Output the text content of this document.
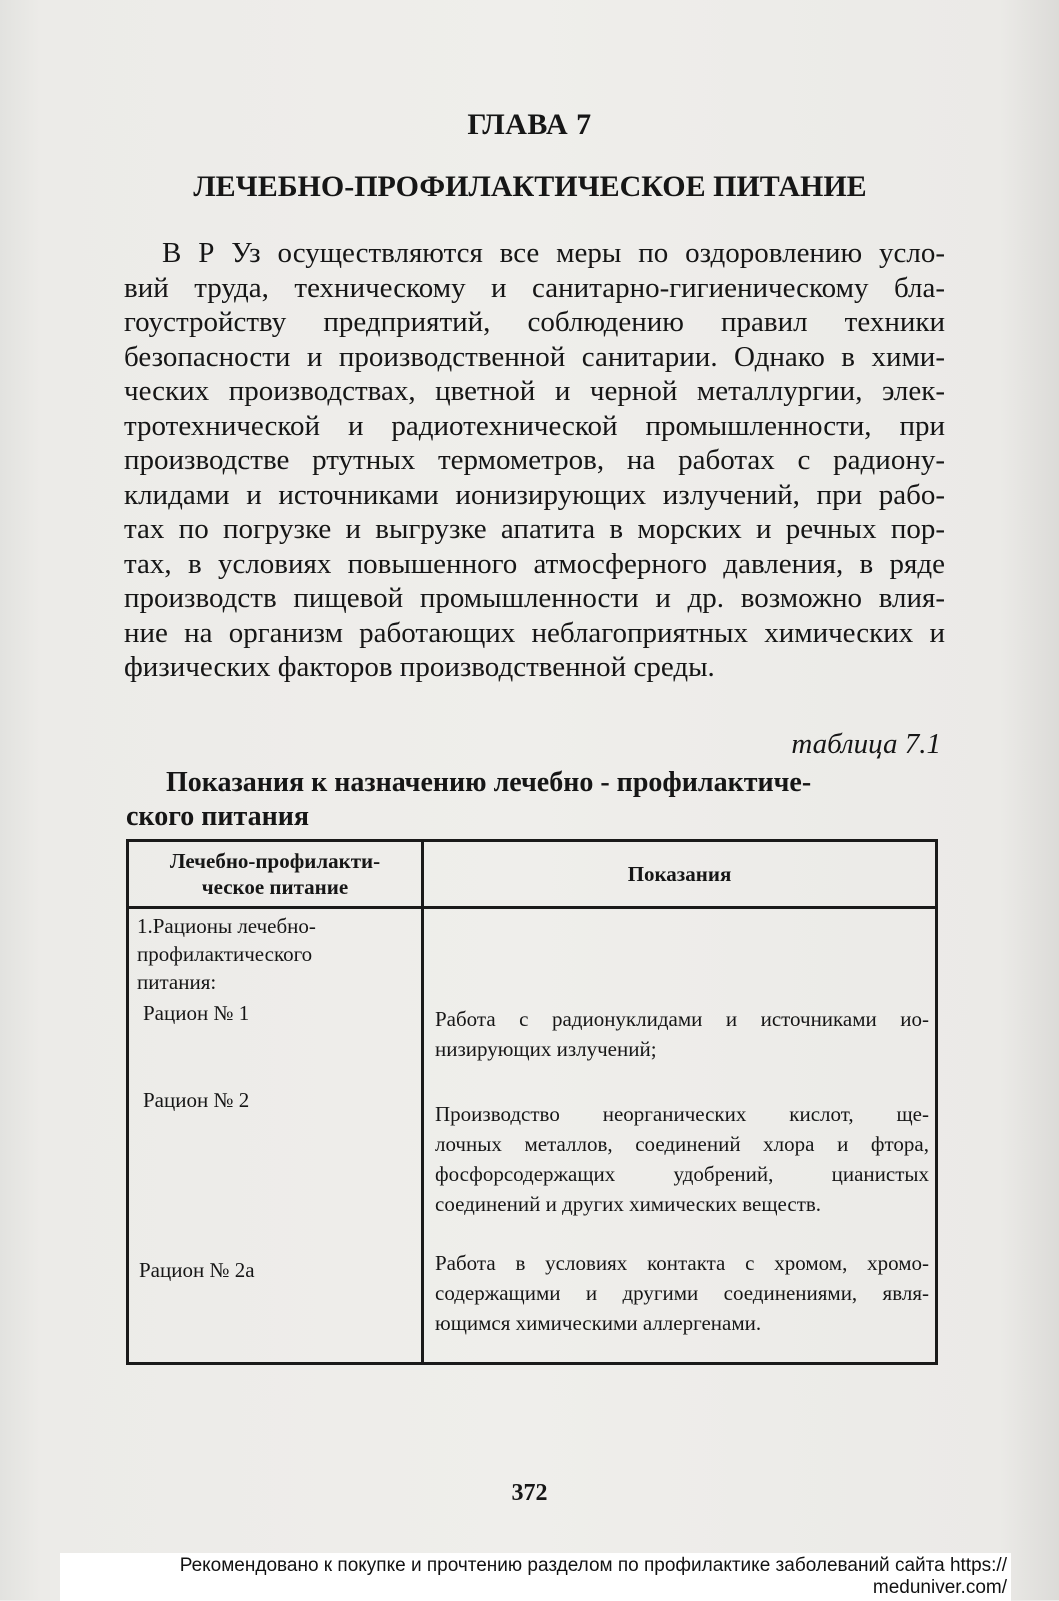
ГЛАВА 7
ЛЕЧЕБНО-ПРОФИЛАКТИЧЕСКОЕ ПИТАНИЕ
В Р Уз осуществляются все меры по оздоровлению усло-
вий труда, техническому и санитарно-гигиеническому бла-
гоустройству предприятий, соблюдению правил техники
безопасности и производственной санитарии. Однако в хими-
ческих производствах, цветной и черной металлургии, элек-
тротехнической и радиотехнической промышленности, при
производстве ртутных термометров, на работах с радиону-
клидами и источниками ионизирующих излучений, при рабо-
тах по погрузке и выгрузке апатита в морских и речных пор-
тах, в условиях повышенного атмосферного давления, в ряде
производств пищевой промышленности и др. возможно влия-
ние на организм работающих неблагоприятных химических и
физических факторов производственной среды.
таблица 7.1
Показания к назначению лечебно - профилактиче-
ского питания
Лечебно-профилакти-
ческое питание
Показания
1.Рационы лечебно-
профилактического
питания:
Рацион № 1
Рацион № 2
Рацион № 2а
Работа с радионуклидами и источниками ио-
низирующих излучений;
Производство неорганических кислот, ще-
лочных металлов, соединений хлора и фтора,
фосфорсодержащих удобрений, цианистых
соединений и других химических веществ.
Работа в условиях контакта с хромом, хромо-
содержащими и другими соединениями, явля-
ющимся химическими аллергенами.
372
Рекомендовано к покупке и прочтению разделом по профилактике заболеваний сайта https://
meduniver.com/
